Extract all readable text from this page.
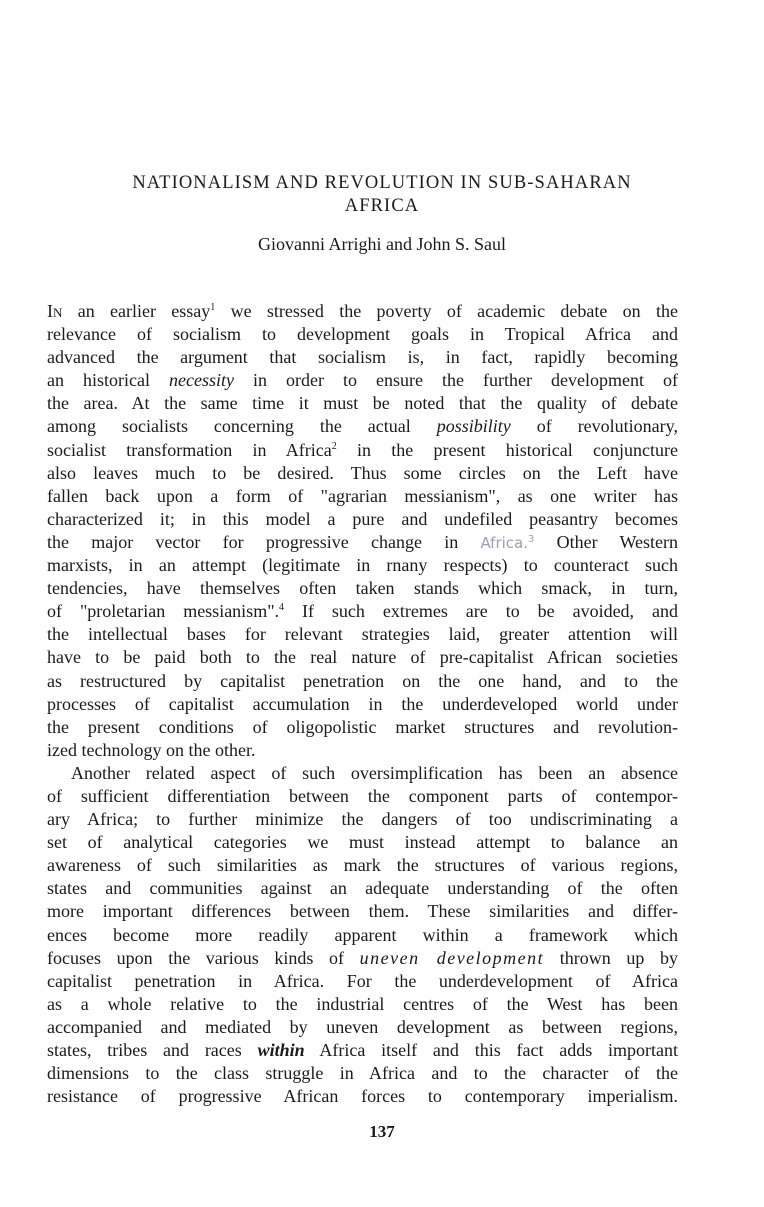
NATIONALISM AND REVOLUTION IN SUB-SAHARAN
AFRICA
Giovanni Arrighi and John S. Saul
IN an earlier essay$^1$ we stressed the poverty of academic debate on the
relevance of socialism to development goals in Tropical Africa and
advanced the argument that socialism is, in fact, rapidly becoming
an historical necessity in order to ensure the further development of
the area. At the same time it must be noted that the quality of debate
among socialists concerning the actual possibility of revolutionary,
socialist transformation in Africa$^2$ in the present historical conjuncture
also leaves much to be desired. Thus some circles on the Left have
fallen back upon a form of "agrarian messianism", as one writer has
characterized it; in this model a pure and undefiled peasantry becomes
the major vector for progressive change in Africa.$^3$ Other Western
marxists, in an attempt (legitimate in rnany respects) to counteract such
tendencies, have themselves often taken stands which smack, in turn,
of "proletarian messianism".$^4$ If such extremes are to be avoided, and
the intellectual bases for relevant strategies laid, greater attention will
have to be paid both to the real nature of pre-capitalist African societies
as restructured by capitalist penetration on the one hand, and to the
processes of capitalist accumulation in the underdeveloped world under
the present conditions of oligopolistic market structures and revolution-
ized technology on the other.
Another related aspect of such oversimplification has been an absence
of sufficient differentiation between the component parts of contempor-
ary Africa; to further minimize the dangers of too undiscriminating a
set of analytical categories we must instead attempt to balance an
awareness of such similarities as mark the structures of various regions,
states and communities against an adequate understanding of the often
more important differences between them. These similarities and differ-
ences become more readily apparent within a framework which
focuses upon the various kinds of uneven development thrown up by
capitalist penetration in Africa. For the underdevelopment of Africa
as a whole relative to the industrial centres of the West has been
accompanied and mediated by uneven development as between regions,
states, tribes and races within Africa itself and this fact adds important
dimensions to the class struggle in Africa and to the character of the
resistance of progressive African forces to contemporary imperialism.
137
